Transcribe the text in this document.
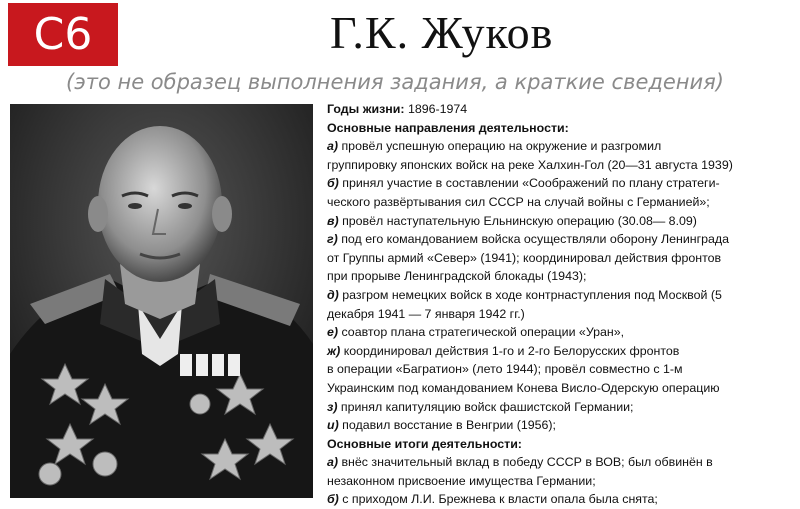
С6	Г.К. Жуков
(это не образец выполнения задания, а краткие сведения)
Годы жизни: 1896-1974
Основные направления деятельности:
а) провёл успешную операцию на окружение и разгромил
группировку японских войск на реке Халхин-Гол (20—31 августа 1939)
б) принял участие в составлении «Соображений по плану стратеги-
ческого развёртывания сил СССР на случай войны с Германией»;
в) провёл наступательную Ельнинскую операцию (30.08— 8.09)
г) под его командованием войска осуществляли оборону Ленинграда
от Группы армий «Север» (1941); координировал действия фронтов
при прорыве Ленинградской блокады (1943);
д) разгром немецких войск в ходе контрнаступления под Москвой (5
декабря 1941 — 7 января 1942 гг.)
е) соавтор плана стратегической операции «Уран»,
ж) координировал действия 1-го и 2-го Белорусских фронтов
в операции «Багратион» (лето 1944); провёл совместно с 1-м
Украинским под командованием Конева Висло-Одерскую операцию
з) принял капитуляцию войск фашистской Германии;
и) подавил восстание в Венгрии (1956);
Основные итоги деятельности:
а) внёс значительный вклад в победу СССР в ВОВ; был обвинён в
незаконном присвоение имущества Германии;
б) с приходом Л.И. Брежнева к власти опала была снята;
